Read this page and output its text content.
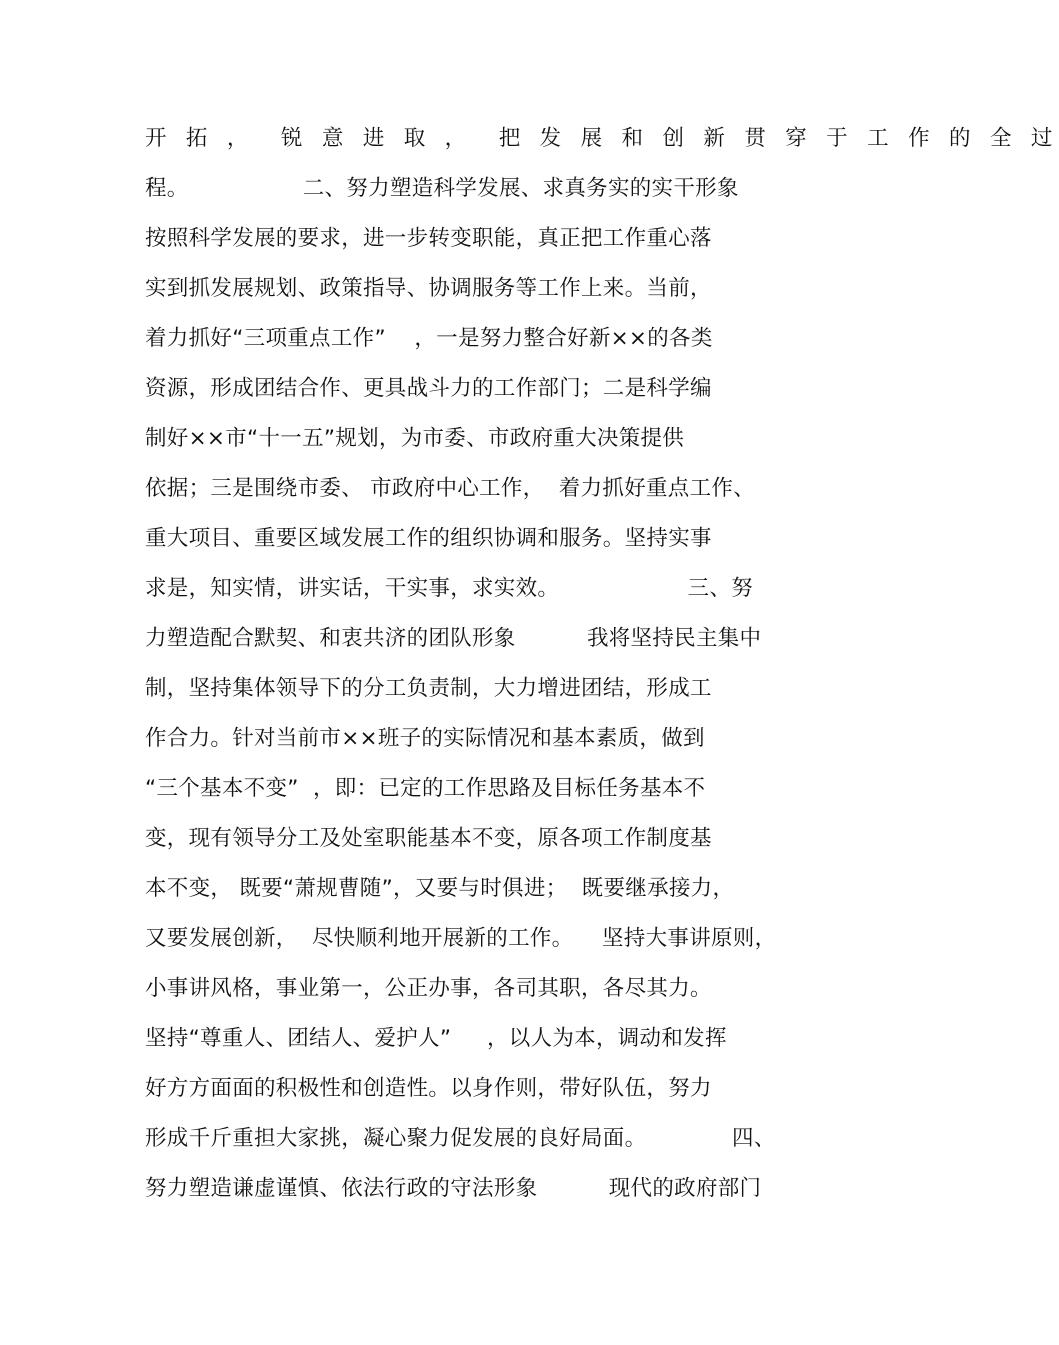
开 拓 ，  锐 意 进 取 ，  把 发 展 和 创 新 贯 穿 于 工 作 的 全 过
程。                二、努力塑造科学发展、求真务实的实干形象
按照科学发展的要求，进一步转变职能，真正把工作重心落
实到抓发展规划、政策指导、协调服务等工作上来。当前，
着力抓好“三项重点工作”    ，一是努力整合好新××的各类
资源，形成团结合作、更具战斗力的工作部门；二是科学编
制好××市“十一五”规划，为市委、市政府重大决策提供
依据；三是围绕市委、 市政府中心工作，  着力抓好重点工作、
重大项目、重要区域发展工作的组织协调和服务。坚持实事
求是，知实情，讲实话，干实事，求实效。                  三、努
力塑造配合默契、和衷共济的团队形象          我将坚持民主集中
制，坚持集体领导下的分工负责制，大力增进团结，形成工
作合力。针对当前市××班子的实际情况和基本素质，做到
“三个基本不变”  ，即：已定的工作思路及目标任务基本不
变，现有领导分工及处室职能基本不变，原各项工作制度基
本不变， 既要“萧规曹随”，又要与时俱进；  既要继承接力，
又要发展创新，  尽快顺利地开展新的工作。    坚持大事讲原则，
小事讲风格，事业第一，公正办事，各司其职，各尽其力。
坚持“尊重人、团结人、爱护人”     ，以人为本，调动和发挥
好方方面面的积极性和创造性。以身作则，带好队伍，努力
形成千斤重担大家挑，凝心聚力促发展的良好局面。            四、
努力塑造谦虚谨慎、依法行政的守法形象          现代的政府部门
